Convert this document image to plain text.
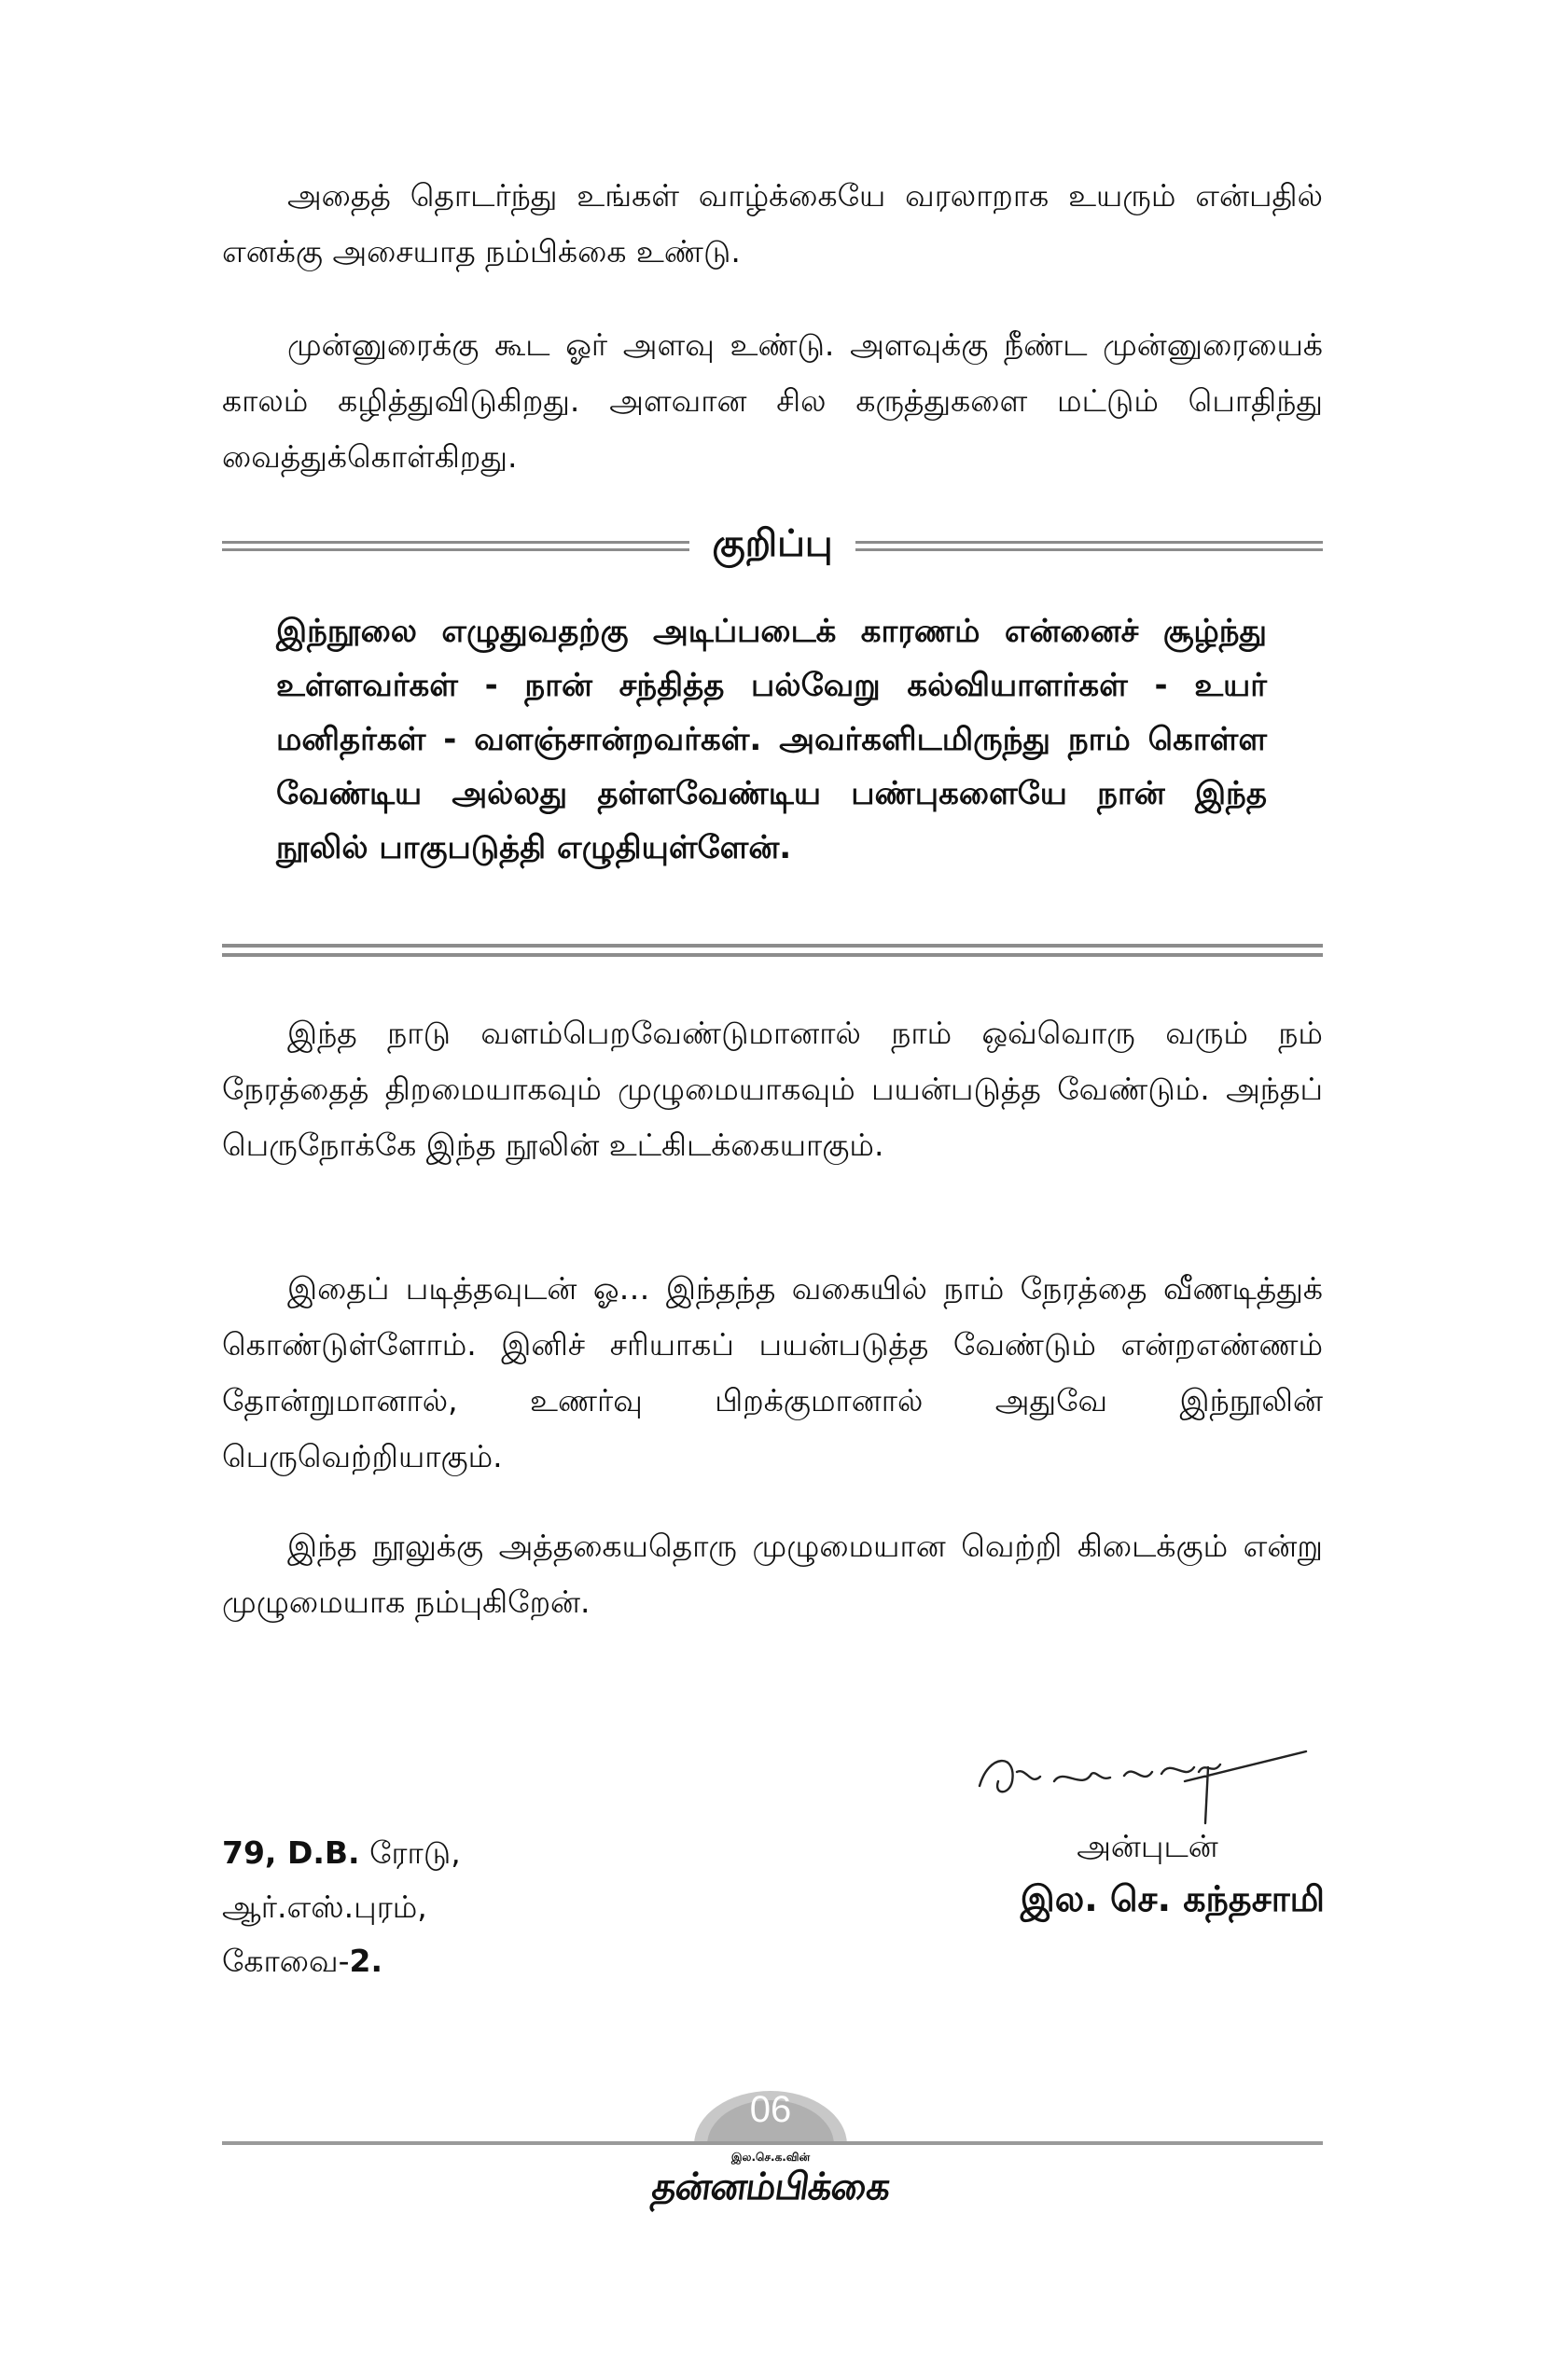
அதைத் தொடர்ந்து உங்கள் வாழ்க்கையே வரலாறாக உயரும் என்பதில் எனக்கு அசையாத நம்பிக்கை உண்டு.

முன்னுரைக்கு கூட ஓர் அளவு உண்டு. அளவுக்கு நீண்ட முன்னுரையைக் காலம் கழித்துவிடுகிறது. அளவான சில கருத்துகளை மட்டும் பொதிந்து வைத்துக்கொள்கிறது.

குறிப்பு

இந்நூலை எழுதுவதற்கு அடிப்படைக் காரணம் என்னைச் சூழ்ந்து உள்ளவர்கள் - நான் சந்தித்த பல்வேறு கல்வியாளர்கள் - உயர் மனிதர்கள் - வளஞ்சான்றவர்கள். அவர்களிடமிருந்து நாம் கொள்ள வேண்டிய அல்லது தள்ளவேண்டிய பண்புகளையே நான் இந்த நூலில் பாகுபடுத்தி எழுதியுள்ளேன்.

இந்த நாடு வளம்பெறவேண்டுமானால் நாம் ஒவ்வொரு வரும் நம் நேரத்தைத் திறமையாகவும் முழுமையாகவும் பயன்படுத்த வேண்டும். அந்தப் பெருநோக்கே இந்த நூலின் உட்கிடக்கையாகும்.

இதைப் படித்தவுடன் ஓ… இந்தந்த வகையில் நாம் நேரத்தை வீணடித்துக் கொண்டுள்ளோம். இனிச் சரியாகப் பயன்படுத்த வேண்டும் என்றஎண்ணம் தோன்றுமானால், உணர்வு பிறக்குமானால் அதுவே இந்நூலின் பெருவெற்றியாகும்.

இந்த நூலுக்கு அத்தகையதொரு முழுமையான வெற்றி கிடைக்கும் என்று முழுமையாக நம்புகிறேன்.

அன்புடன்
இல. செ. கந்தசாமி
79, D.B. ரோடு,
ஆர்.எஸ்.புரம்,
கோவை-2.
06
இல.செ.க.வின்
தன்னம்பிக்கை
